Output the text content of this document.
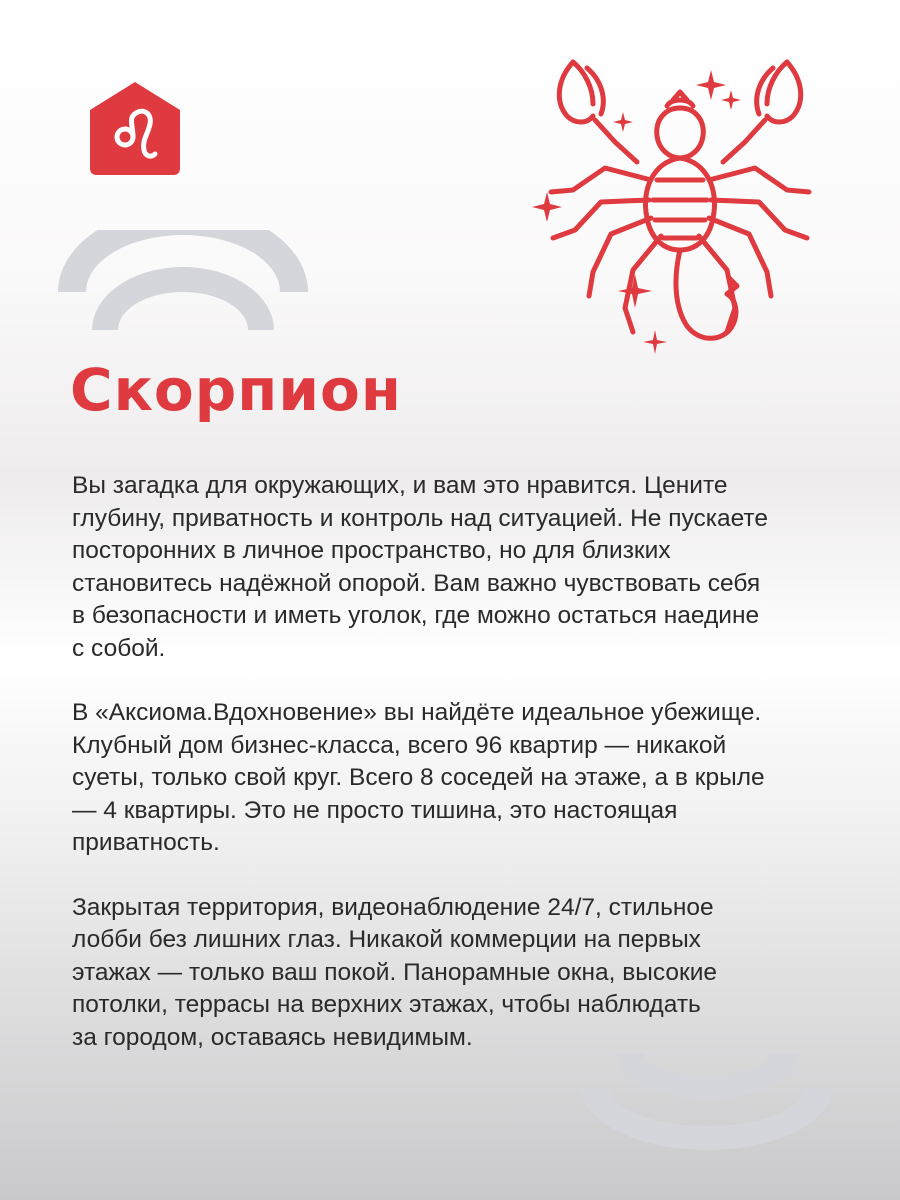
Скорпион

Вы загадка для окружающих, и вам это нравится. Цените
глубину, приватность и контроль над ситуацией. Не пускаете
посторонних в личное пространство, но для близких
становитесь надёжной опорой. Вам важно чувствовать себя
в безопасности и иметь уголок, где можно остаться наедине
с собой.

В «Аксиома.Вдохновение» вы найдёте идеальное убежище.
Клубный дом бизнес-класса, всего 96 квартир — никакой
суеты, только свой круг. Всего 8 соседей на этаже, а в крыле
— 4 квартиры. Это не просто тишина, это настоящая
приватность.

Закрытая территория, видеонаблюдение 24/7, стильное
лобби без лишних глаз. Никакой коммерции на первых
этажах — только ваш покой. Панорамные окна, высокие
потолки, террасы на верхних этажах, чтобы наблюдать
за городом, оставаясь невидимым.
